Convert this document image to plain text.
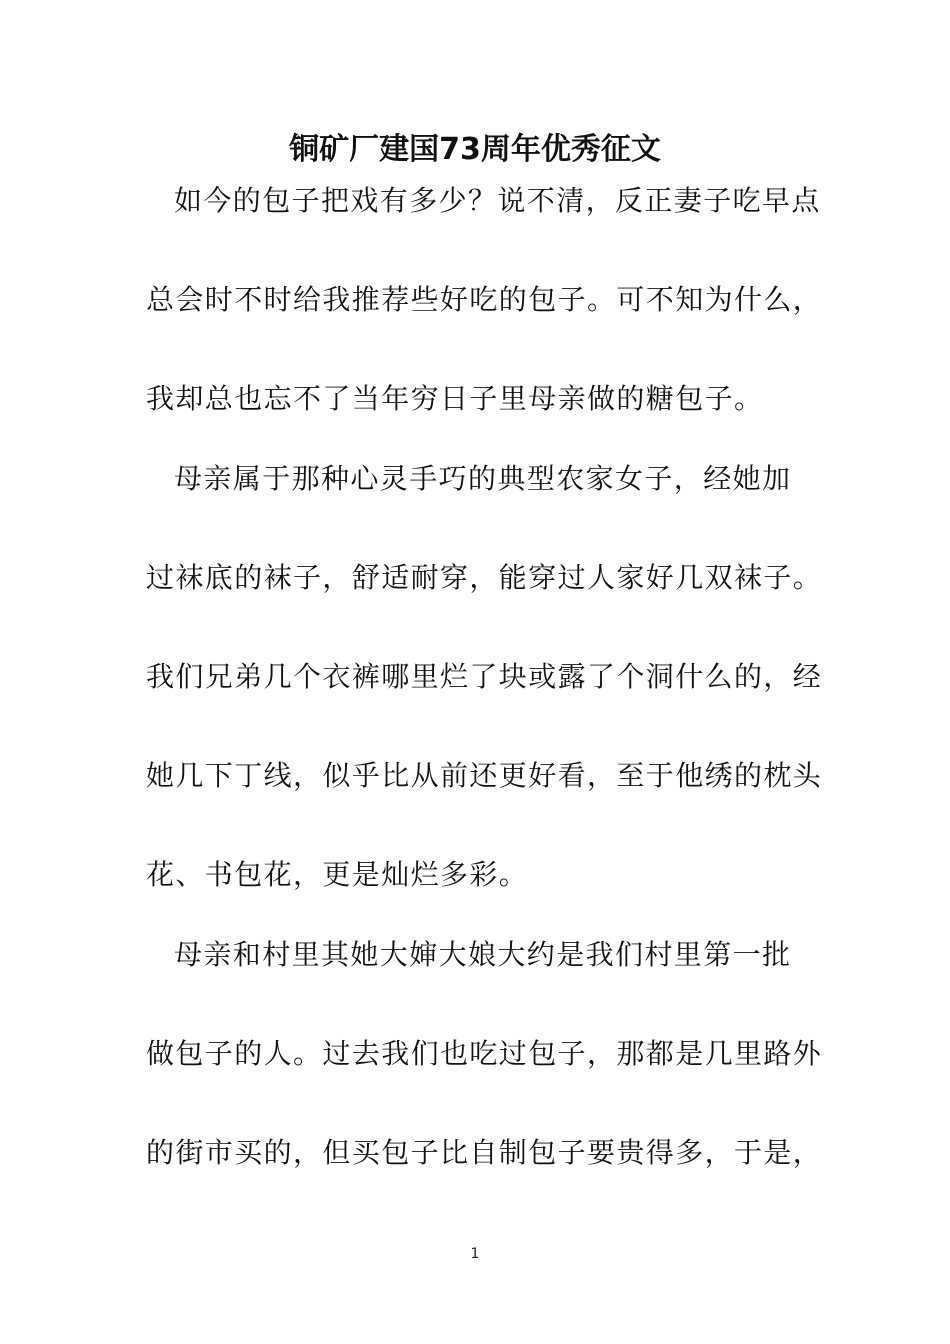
铜矿厂建国73周年优秀征文
如今的包子把戏有多少？说不清，反正妻子吃早点
总会时不时给我推荐些好吃的包子。可不知为什么，
我却总也忘不了当年穷日子里母亲做的糖包子。
母亲属于那种心灵手巧的典型农家女子，经她加
过袜底的袜子，舒适耐穿，能穿过人家好几双袜子。
我们兄弟几个衣裤哪里烂了块或露了个洞什么的，经
她几下丁线，似乎比从前还更好看，至于他绣的枕头
花、书包花，更是灿烂多彩。
母亲和村里其她大婶大娘大约是我们村里第一批
做包子的人。过去我们也吃过包子，那都是几里路外
的街市买的，但买包子比自制包子要贵得多，于是，
1
